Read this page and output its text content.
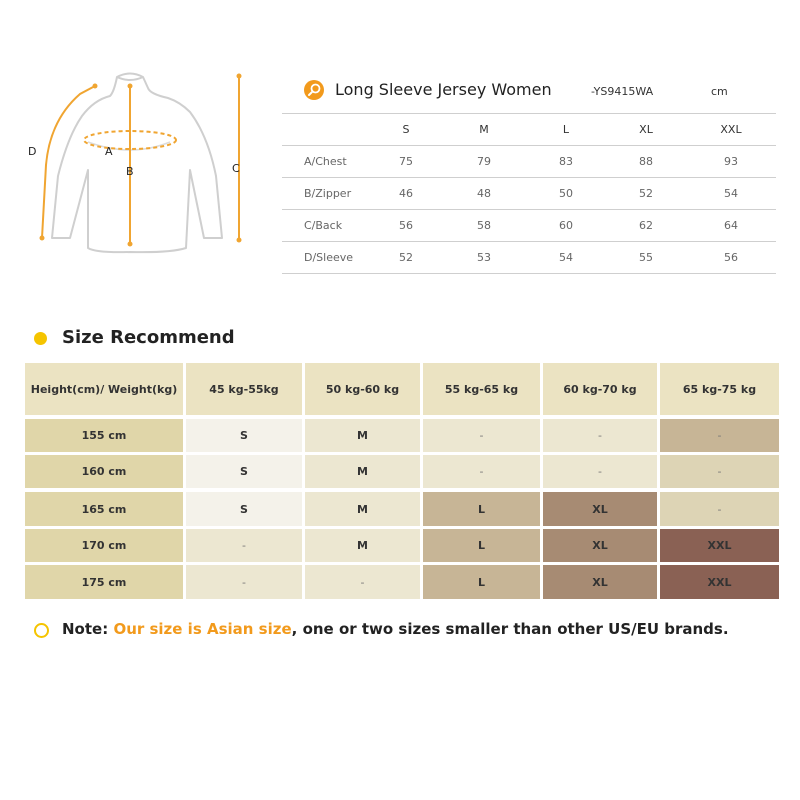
A
B	C
D
Long Sleeve Jersey Women	-YS9415WA	cm
	S	M	L	XL	XXL
A/Chest	75	79	83	88	93
B/Zipper	46	48	50	52	54
C/Back	56	58	60	62	64
D/Sleeve	52	53	54	55	56
Size Recommend
Height(cm)/ Weight(kg)	45 kg-55kg	50 kg-60 kg	55 kg-65 kg	60 kg-70 kg	65 kg-75 kg
155 cm	S	M	-	-	-
160 cm	S	M	-	-	-
165 cm	S	M	L	XL	-
170 cm	-	M	L	XL	XXL
175 cm	-	-	L	XL	XXL
Note: Our size is Asian size, one or two sizes smaller than other US/EU brands.
